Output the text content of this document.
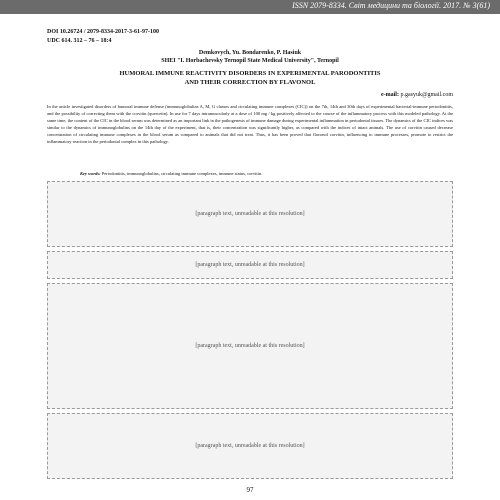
ISSN 2079-8334. Світ медицини та біології. 2017. № 3(61)
DOI 10.26724 / 2079-8334-2017-3-61-97-100
UDC 614. 312 – 76 – 18:4
Demkovych, Yu. Bondarenko, P. Hasiuk
SHEI "I. Horbachevsky Ternopil State Medical University", Ternopil
HUMORAL IMMUNE REACTIVITY DISORDERS IN EXPERIMENTAL PARODONTITIS
AND THEIR CORRECTION BY FLAVONOL
e-mail: p.gasyuk@gmail.com
In the article investigated disorders of humoral immune defense (immunoglobulins A, M, G classes and circulating immune complexes (CIC)) on the 7th, 14th and 30th days of experimental bacterial-immune periodontitis, and the possibility of correcting them with the corvitin (quercetin). In use for 7 days intramuscularly at a dose of 100 mg / kg positively affected to the course of the inflammatory process with this modeled pathology. At the same time, the content of the CIC in the blood serum was determined as an important link in the pathogenesis of immune damage during experimental inflammation in periodontal tissues. The dynamics of the CIC indices was similar to the dynamics of immunoglobulins on the 14th day of the experiment, that is, their concentration was significantly higher, as compared with the indices of intact animals. The use of corvitin caused decrease concentration of circulating immune complexes in the blood serum as compared to animals that did not treat. Thus, it has been proved that flavonol corvitin, influencing to immune processes, promote to restrict the inflammatory reaction in the periodontal complex in this pathology.
Key words: Periodontitis, immunoglobulins, circulating immune complexes, immune status, corvitin.
[paragraph text, unreadable at this resolution]
[paragraph text, unreadable at this resolution]
[paragraph text, unreadable at this resolution]
[paragraph text, unreadable at this resolution]
97
